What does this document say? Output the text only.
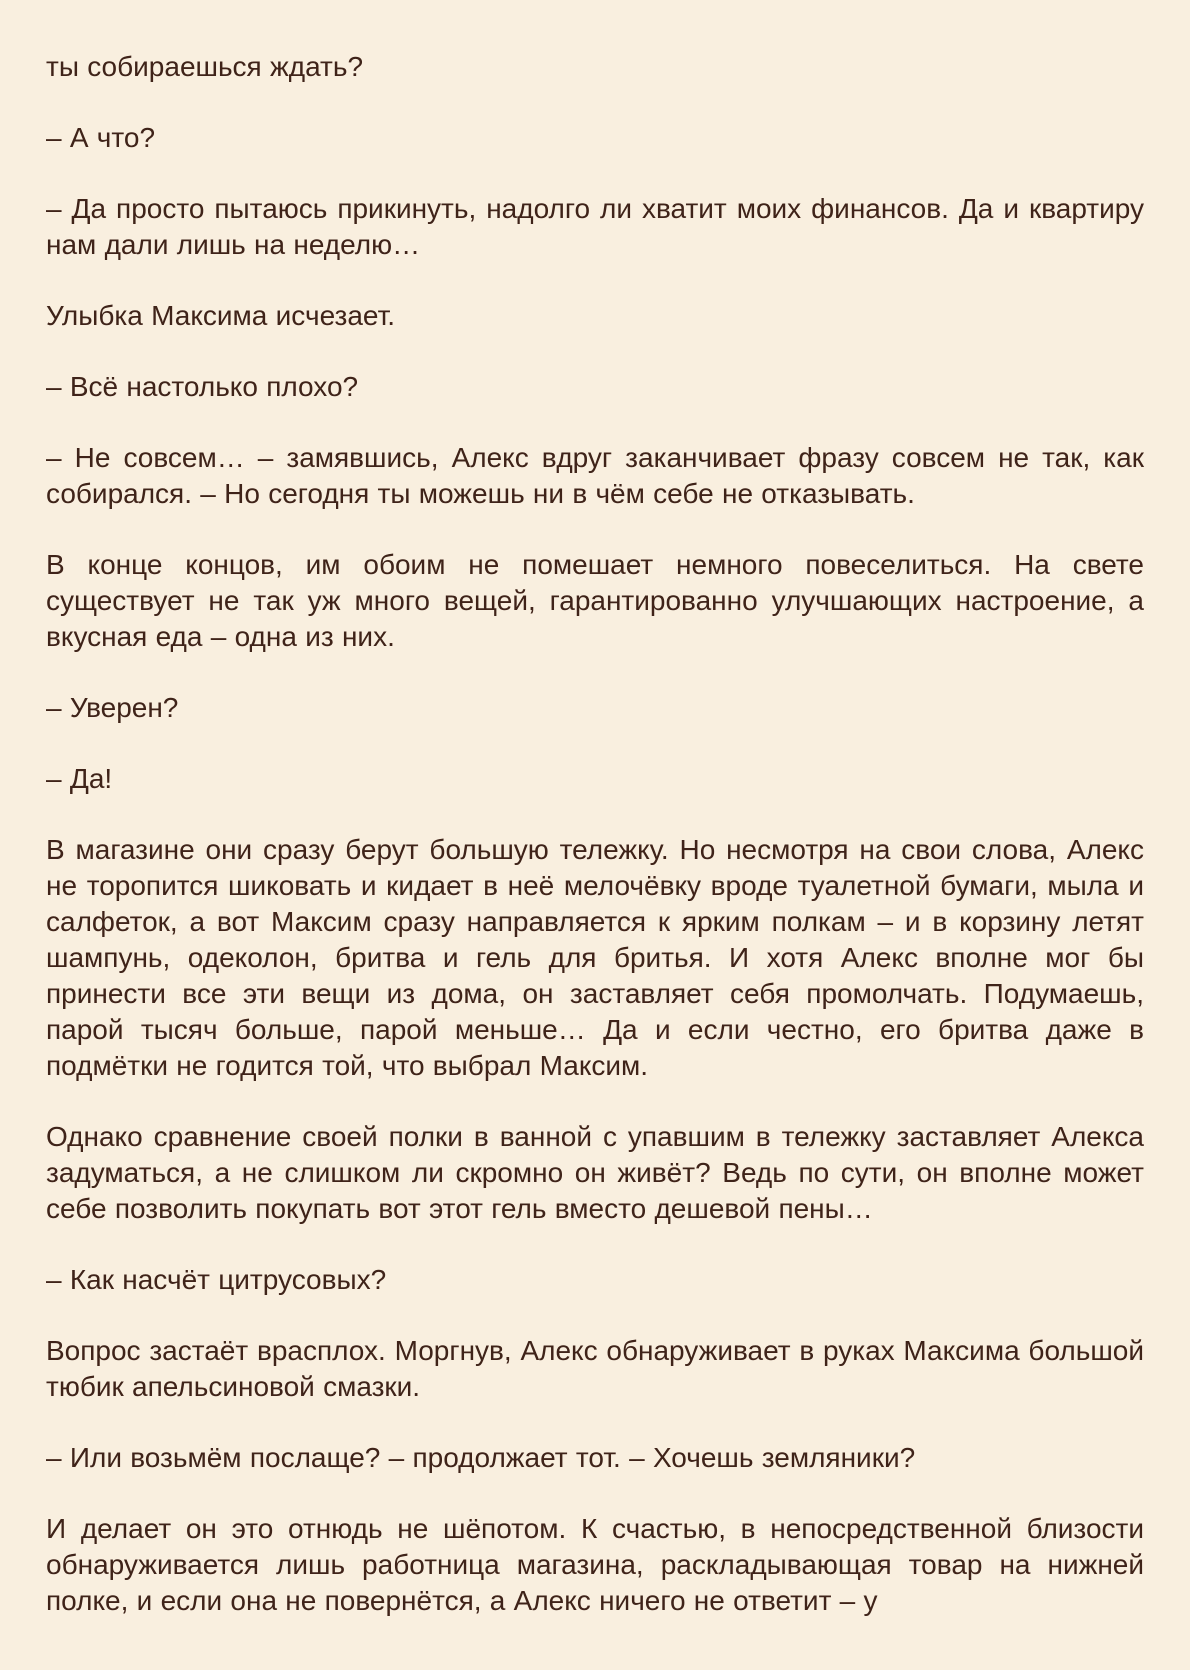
ты собираешься ждать?

– А что?

– Да просто пытаюсь прикинуть, надолго ли хватит моих финансов. Да и квартиру нам дали лишь на неделю…

Улыбка Максима исчезает.

– Всё настолько плохо?

– Не совсем… – замявшись, Алекс вдруг заканчивает фразу совсем не так, как собирался. – Но сегодня ты можешь ни в чём себе не отказывать.

В конце концов, им обоим не помешает немного повеселиться. На свете существует не так уж много вещей, гарантированно улучшающих настроение, а вкусная еда – одна из них.

– Уверен?

– Да!

В магазине они сразу берут большую тележку. Но несмотря на свои слова, Алекс не торопится шиковать и кидает в неё мелочёвку вроде туалетной бумаги, мыла и салфеток, а вот Максим сразу направляется к ярким полкам – и в корзину летят шампунь, одеколон, бритва и гель для бритья. И хотя Алекс вполне мог бы принести все эти вещи из дома, он заставляет себя промолчать. Подумаешь, парой тысяч больше, парой меньше… Да и если честно, его бритва даже в подмётки не годится той, что выбрал Максим.

Однако сравнение своей полки в ванной с упавшим в тележку заставляет Алекса задуматься, а не слишком ли скромно он живёт? Ведь по сути, он вполне может себе позволить покупать вот этот гель вместо дешевой пены…

– Как насчёт цитрусовых?

Вопрос застаёт врасплох. Моргнув, Алекс обнаруживает в руках Максима большой тюбик апельсиновой смазки.

– Или возьмём послаще? – продолжает тот. – Хочешь земляники?

И делает он это отнюдь не шёпотом. К счастью, в непосредственной близости обнаруживается лишь работница магазина, раскладывающая товар на нижней полке, и если она не повернётся, а Алекс ничего не ответит – у
